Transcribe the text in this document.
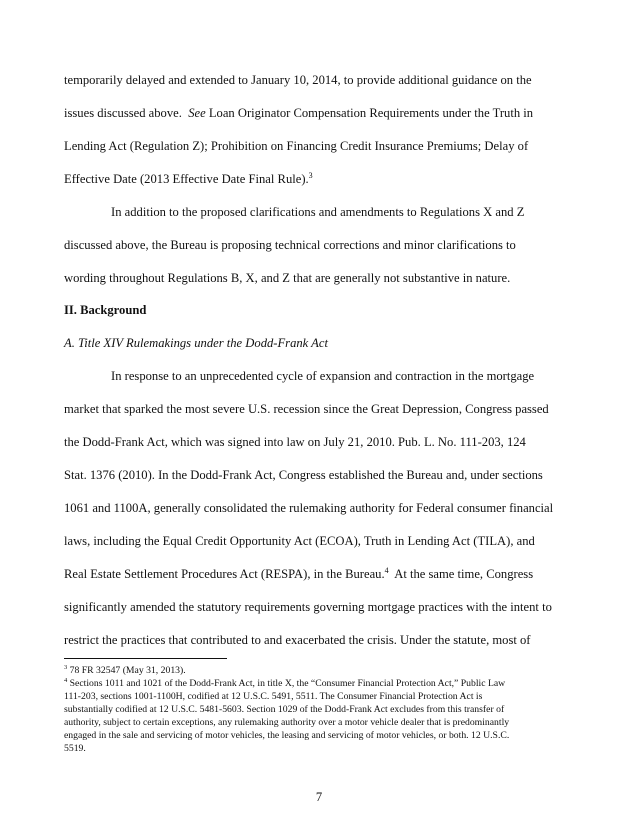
temporarily delayed and extended to January 10, 2014, to provide additional guidance on the
issues discussed above. See Loan Originator Compensation Requirements under the Truth in
Lending Act (Regulation Z); Prohibition on Financing Credit Insurance Premiums; Delay of
Effective Date (2013 Effective Date Final Rule).$^3$
In addition to the proposed clarifications and amendments to Regulations X and Z
discussed above, the Bureau is proposing technical corrections and minor clarifications to
wording throughout Regulations B, X, and Z that are generally not substantive in nature.
II. Background
A. Title XIV Rulemakings under the Dodd-Frank Act
In response to an unprecedented cycle of expansion and contraction in the mortgage
market that sparked the most severe U.S. recession since the Great Depression, Congress passed
the Dodd-Frank Act, which was signed into law on July 21, 2010. Pub. L. No. 111-203, 124
Stat. 1376 (2010). In the Dodd-Frank Act, Congress established the Bureau and, under sections
1061 and 1100A, generally consolidated the rulemaking authority for Federal consumer financial
laws, including the Equal Credit Opportunity Act (ECOA), Truth in Lending Act (TILA), and
Real Estate Settlement Procedures Act (RESPA), in the Bureau.$^4$ At the same time, Congress
significantly amended the statutory requirements governing mortgage practices with the intent to
restrict the practices that contributed to and exacerbated the crisis. Under the statute, most of
$^3$ 78 FR 32547 (May 31, 2013).
$^4$ Sections 1011 and 1021 of the Dodd-Frank Act, in title X, the “Consumer Financial Protection Act,” Public Law
111-203, sections 1001-1100H, codified at 12 U.S.C. 5491, 5511. The Consumer Financial Protection Act is
substantially codified at 12 U.S.C. 5481-5603. Section 1029 of the Dodd-Frank Act excludes from this transfer of
authority, subject to certain exceptions, any rulemaking authority over a motor vehicle dealer that is predominantly
engaged in the sale and servicing of motor vehicles, the leasing and servicing of motor vehicles, or both. 12 U.S.C.
5519.
7
